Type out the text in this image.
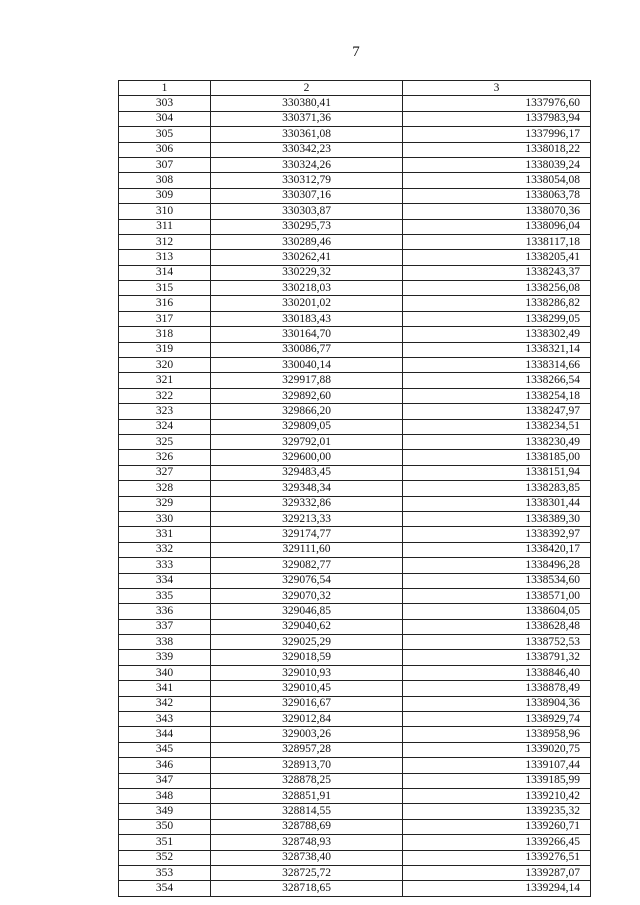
7
1	2	3
303	330380,41	1337976,60
304	330371,36	1337983,94
305	330361,08	1337996,17
306	330342,23	1338018,22
307	330324,26	1338039,24
308	330312,79	1338054,08
309	330307,16	1338063,78
310	330303,87	1338070,36
311	330295,73	1338096,04
312	330289,46	1338117,18
313	330262,41	1338205,41
314	330229,32	1338243,37
315	330218,03	1338256,08
316	330201,02	1338286,82
317	330183,43	1338299,05
318	330164,70	1338302,49
319	330086,77	1338321,14
320	330040,14	1338314,66
321	329917,88	1338266,54
322	329892,60	1338254,18
323	329866,20	1338247,97
324	329809,05	1338234,51
325	329792,01	1338230,49
326	329600,00	1338185,00
327	329483,45	1338151,94
328	329348,34	1338283,85
329	329332,86	1338301,44
330	329213,33	1338389,30
331	329174,77	1338392,97
332	329111,60	1338420,17
333	329082,77	1338496,28
334	329076,54	1338534,60
335	329070,32	1338571,00
336	329046,85	1338604,05
337	329040,62	1338628,48
338	329025,29	1338752,53
339	329018,59	1338791,32
340	329010,93	1338846,40
341	329010,45	1338878,49
342	329016,67	1338904,36
343	329012,84	1338929,74
344	329003,26	1338958,96
345	328957,28	1339020,75
346	328913,70	1339107,44
347	328878,25	1339185,99
348	328851,91	1339210,42
349	328814,55	1339235,32
350	328788,69	1339260,71
351	328748,93	1339266,45
352	328738,40	1339276,51
353	328725,72	1339287,07
354	328718,65	1339294,14
